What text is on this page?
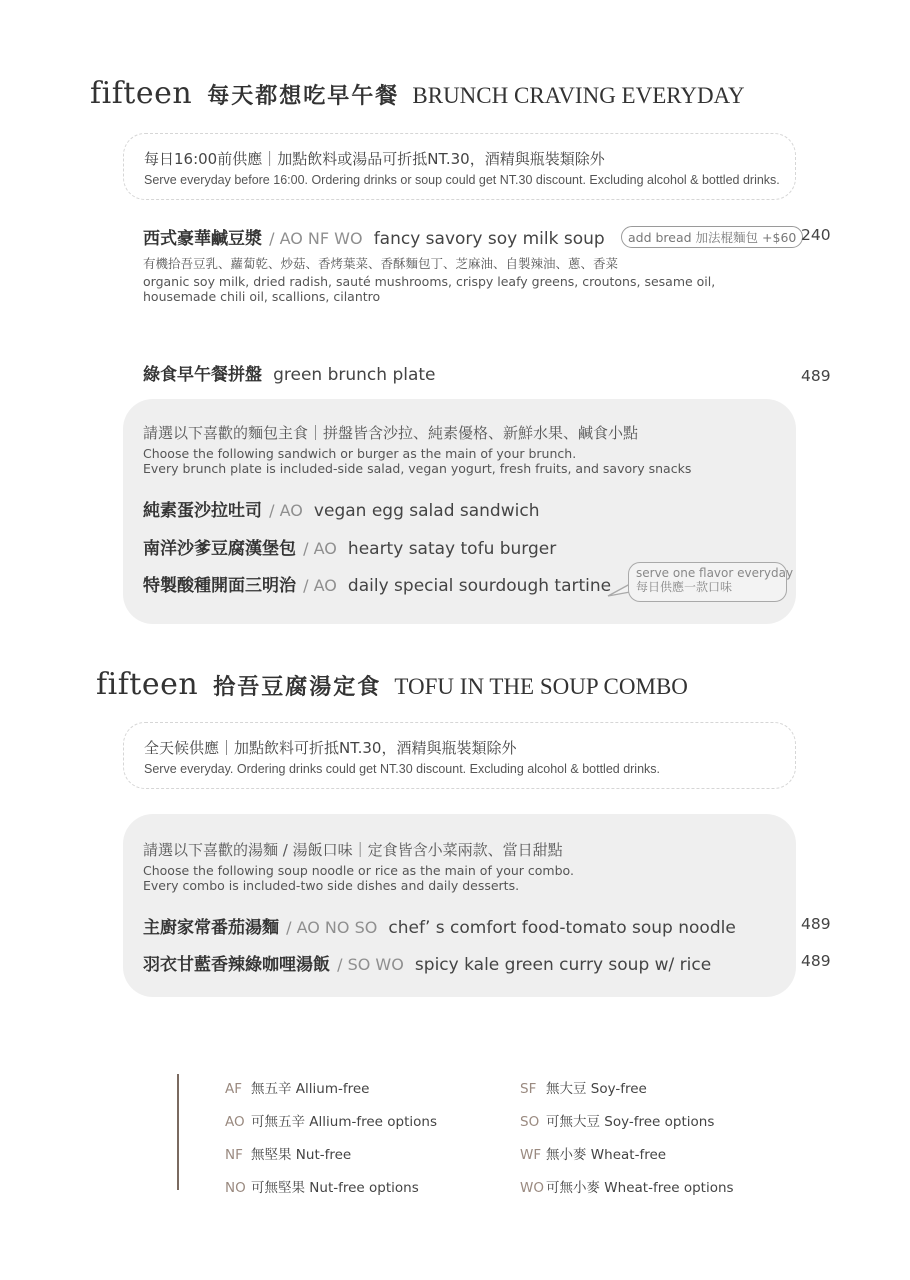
fifteen 每天都想吃早午餐 BRUNCH CRAVING EVERYDAY
每日16:00前供應｜加點飲料或湯品可折抵NT.30，酒精與瓶裝類除外
Serve everyday before 16:00. Ordering drinks or soup could get NT.30 discount. Excluding alcohol & bottled drinks.
西式豪華鹹豆漿 / AO NF WO fancy savory soy milk soup	add bread 加法棍麵包 +$60 240
有機拾吾豆乳、蘿蔔乾、炒菇、香烤葉菜、香酥麵包丁、芝麻油、自製辣油、蔥、香菜
organic soy milk, dried radish, sauté mushrooms, crispy leafy greens, croutons, sesame oil,
housemade chili oil, scallions, cilantro
綠食早午餐拼盤 green brunch plate	489
請選以下喜歡的麵包主食｜拼盤皆含沙拉、純素優格、新鮮水果、鹹食小點
Choose the following sandwich or burger as the main of your brunch.
Every brunch plate is included-side salad, vegan yogurt, fresh fruits, and savory snacks
純素蛋沙拉吐司 / AO vegan egg salad sandwich
南洋沙爹豆腐漢堡包 / AO hearty satay tofu burger
特製酸種開面三明治 / AO daily special sourdough tartine
serve one flavor everyday
每日供應一款口味
fifteen 拾吾豆腐湯定食 TOFU IN THE SOUP COMBO
全天候供應｜加點飲料可折抵NT.30，酒精與瓶裝類除外
Serve everyday. Ordering drinks could get NT.30 discount. Excluding alcohol & bottled drinks.
請選以下喜歡的湯麵 / 湯飯口味｜定食皆含小菜兩款、當日甜點
Choose the following soup noodle or rice as the main of your combo.
Every combo is included-two side dishes and daily desserts.
主廚家常番茄湯麵 / AO NO SO chef’ s comfort food-tomato soup noodle	489
羽衣甘藍香辣綠咖哩湯飯 / SO WO spicy kale green curry soup w/ rice	489
AF 無五辛 Allium-free
AO 可無五辛 Allium-free options
NF 無堅果 Nut-free
NO 可無堅果 Nut-free options
SF 無大豆 Soy-free
SO 可無大豆 Soy-free options
WF 無小麥 Wheat-free
WO 可無小麥 Wheat-free options
